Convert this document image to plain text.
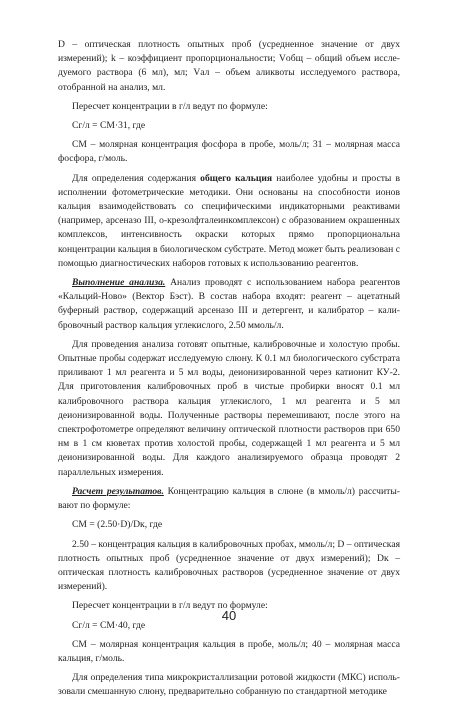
D – оптическая плотность опытных проб (усредненное значение от двух измерений); k – коэффициент пропорциональности; Vобщ – общий объем исследуемого раствора (6 мл), мл; Vал – объем аликвоты исследуемого раствора, отобранной на анализ, мл.

Пересчет концентрации в г/л ведут по формуле:

Сг/л = СМ·31, где

СМ – молярная концентрация фосфора в пробе, моль/л; 31 – молярная масса фосфора, г/моль.

Для определения содержания общего кальция наиболее удобны и просты в исполнении фотометрические методики. Они основаны на способности ионов кальция взаимодействовать со специфическими индикаторными реактивами (например, арсеназо III, о-крезолфталеинкомплексон) с образованием окрашенных комплексов, интенсивность окраски которых прямо пропорциональна концентрации кальция в биологическом субстрате. Метод может быть реализован с помощью диагностических наборов готовых к использованию реагентов.

Выполнение анализа. Анализ проводят с использованием набора реагентов «Кальций-Ново» (Вектор Бэст). В состав набора входят: реагент – ацетатный буферный раствор, содержащий арсеназо III и детергент, и калибратор – калибровочный раствор кальция углекислого, 2.50 ммоль/л.

Для проведения анализа готовят опытные, калибровочные и холостую пробы. Опытные пробы содержат исследуемую слюну. К 0.1 мл биологического субстрата приливают 1 мл реагента и 5 мл воды, деионизированной через катионит КУ-2. Для приготовления калибровочных проб в чистые пробирки вносят 0.1 мл калибровочного раствора кальция углекислого, 1 мл реагента и 5 мл деионизированной воды. Полученные растворы перемешивают, после этого на спектрофотометре определяют величину оптической плотности растворов при 650 нм в 1 см кюветах против холостой пробы, содержащей 1 мл реагента и 5 мл деионизированной воды. Для каждого анализируемого образца проводят 2 параллельных измерения.

Расчет результатов. Концентрацию кальция в слюне (в ммоль/л) рассчитывают по формуле:

СМ = (2.50·D)/Dк, где

2.50 – концентрация кальция в калибровочных пробах, ммоль/л; D – оптическая плотность опытных проб (усредненное значение от двух измерений); Dк – оптическая плотность калибровочных растворов (усредненное значение от двух измерений).

Пересчет концентрации в г/л ведут по формуле:

Сг/л = СМ·40, где

СМ – молярная концентрация кальция в пробе, моль/л; 40 – молярная масса кальция, г/моль.

Для определения типа микрокристаллизации ротовой жидкости (МКС) использовали смешанную слюну, предварительно собранную по стандартной методике

40
